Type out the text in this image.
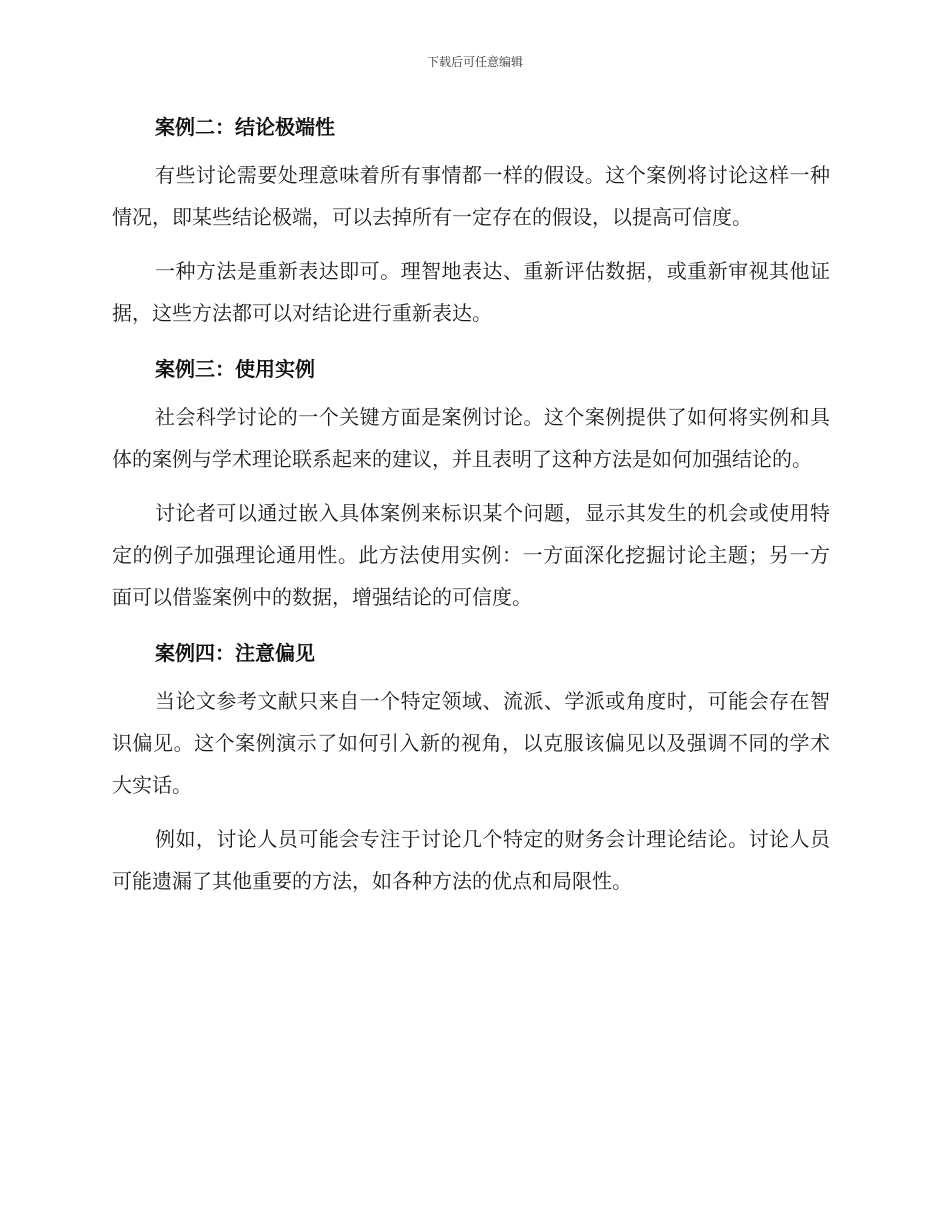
下载后可任意编辑
案例二：结论极端性

有些讨论需要处理意味着所有事情都一样的假设。这个案例将讨论这样一种情况，即某些结论极端，可以去掉所有一定存在的假设，以提高可信度。

一种方法是重新表达即可。理智地表达、重新评估数据，或重新审视其他证据，这些方法都可以对结论进行重新表达。

案例三：使用实例

社会科学讨论的一个关键方面是案例讨论。这个案例提供了如何将实例和具体的案例与学术理论联系起来的建议，并且表明了这种方法是如何加强结论的。

讨论者可以通过嵌入具体案例来标识某个问题，显示其发生的机会或使用特定的例子加强理论通用性。此方法使用实例：一方面深化挖掘讨论主题；另一方面可以借鉴案例中的数据，增强结论的可信度。

案例四：注意偏见

当论文参考文献只来自一个特定领域、流派、学派或角度时，可能会存在智识偏见。这个案例演示了如何引入新的视角，以克服该偏见以及强调不同的学术大实话。

例如，讨论人员可能会专注于讨论几个特定的财务会计理论结论。讨论人员可能遗漏了其他重要的方法，如各种方法的优点和局限性。
